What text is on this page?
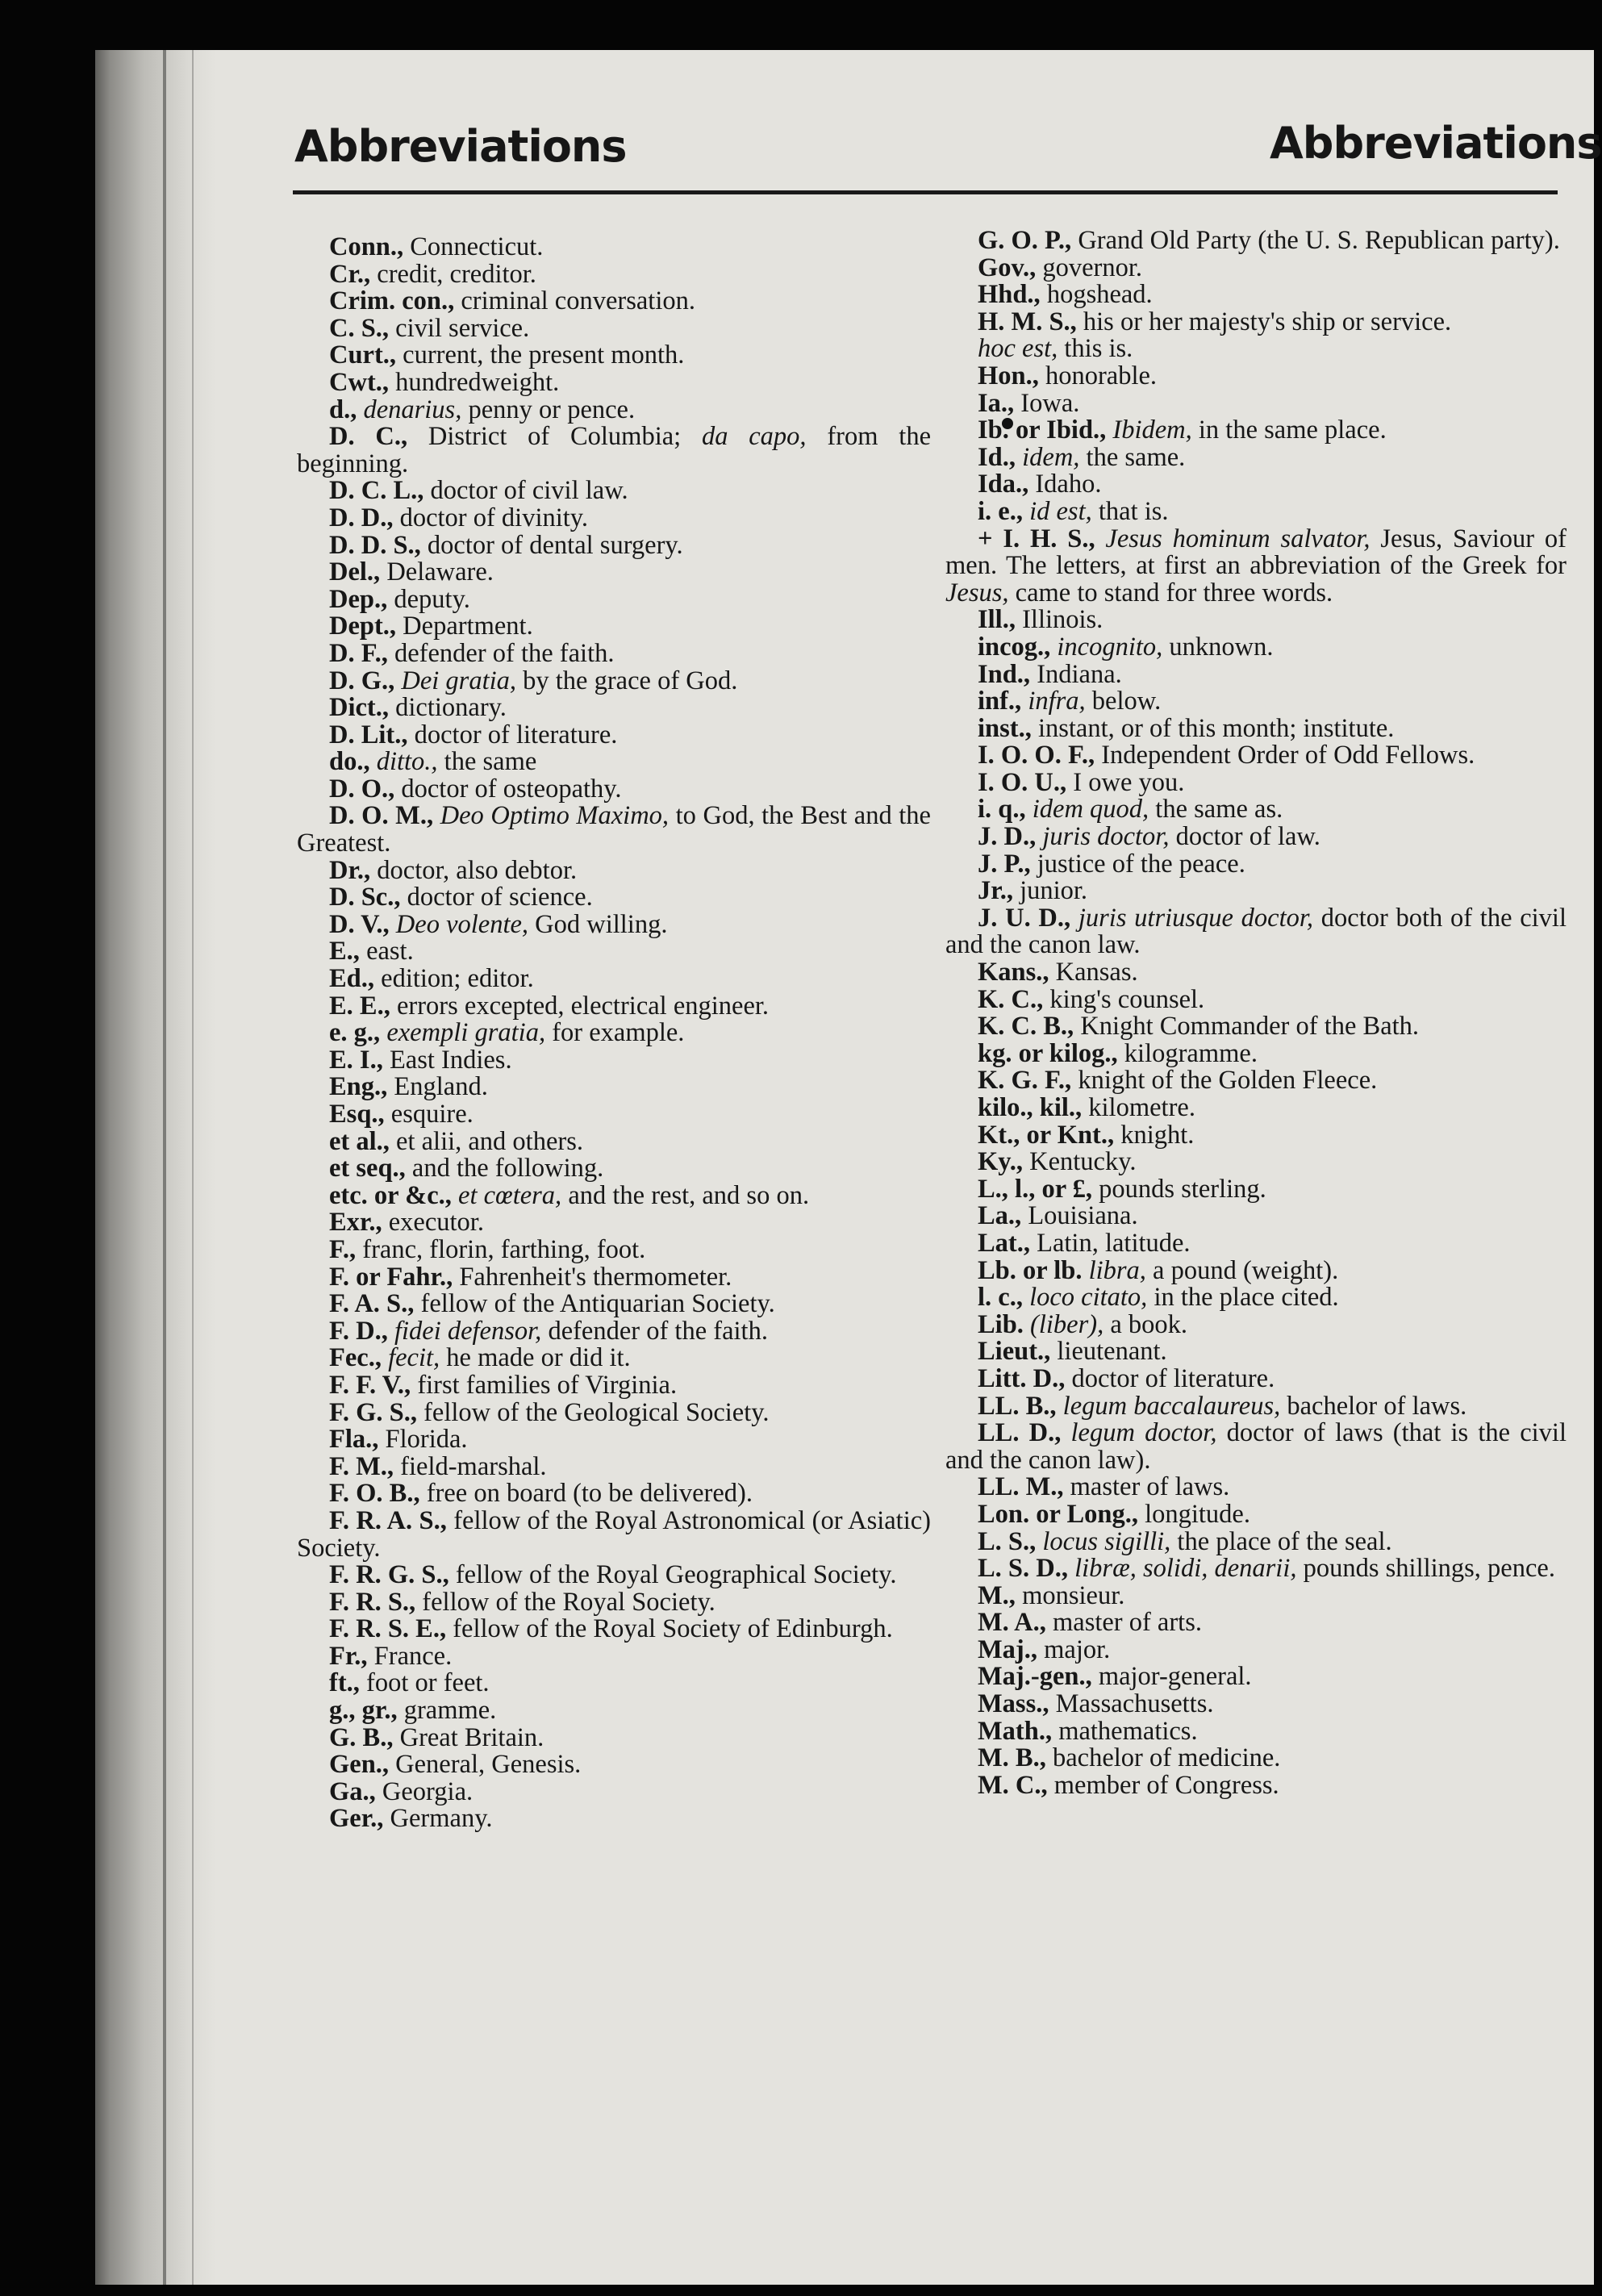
Abbreviations	Abbreviations
Conn., Connecticut.
Cr., credit, creditor.
Crim. con., criminal conversation.
C. S., civil service.
Curt., current, the present month.
Cwt., hundredweight.
d., denarius, penny or pence.
D. C., District of Columbia; da capo, from the beginning.
D. C. L., doctor of civil law.
D. D., doctor of divinity.
D. D. S., doctor of dental surgery.
Del., Delaware.
Dep., deputy.
Dept., Department.
D. F., defender of the faith.
D. G., Dei gratia, by the grace of God.
Dict., dictionary.
D. Lit., doctor of literature.
do., ditto., the same
D. O., doctor of osteopathy.
D. O. M., Deo Optimo Maximo, to God, the Best and the Greatest.
Dr., doctor, also debtor.
D. Sc., doctor of science.
D. V., Deo volente, God willing.
E., east.
Ed., edition; editor.
E. E., errors excepted, electrical engineer.
e. g., exempli gratia, for example.
E. I., East Indies.
Eng., England.
Esq., esquire.
et al., et alii, and others.
et seq., and the following.
etc. or &c., et cœtera, and the rest, and so on.
Exr., executor.
F., franc, florin, farthing, foot.
F. or Fahr., Fahrenheit's thermometer.
F. A. S., fellow of the Antiquarian Society.
F. D., fidei defensor, defender of the faith.
Fec., fecit, he made or did it.
F. F. V., first families of Virginia.
F. G. S., fellow of the Geological Society.
Fla., Florida.
F. M., field-marshal.
F. O. B., free on board (to be delivered).
F. R. A. S., fellow of the Royal Astronomical (or Asiatic) Society.
F. R. G. S., fellow of the Royal Geographical Society.
F. R. S., fellow of the Royal Society.
F. R. S. E., fellow of the Royal Society of Edinburgh.
Fr., France.
ft., foot or feet.
g., gr., gramme.
G. B., Great Britain.
Gen., General, Genesis.
Ga., Georgia.
Ger., Germany.
G. O. P., Grand Old Party (the U. S. Republican party).
Gov., governor.
Hhd., hogshead.
H. M. S., his or her majesty's ship or service.
hoc est, this is.
Hon., honorable.
Ia., Iowa.
Ib. or Ibid., Ibidem, in the same place.
Id., idem, the same.
Ida., Idaho.
i. e., id est, that is.
+ I. H. S., Jesus hominum salvator, Jesus, Saviour of men. The letters, at first an abbreviation of the Greek for Jesus, came to stand for three words.
Ill., Illinois.
incog., incognito, unknown.
Ind., Indiana.
inf., infra, below.
inst., instant, or of this month; institute.
I. O. O. F., Independent Order of Odd Fellows.
I. O. U., I owe you.
i. q., idem quod, the same as.
J. D., juris doctor, doctor of law.
J. P., justice of the peace.
Jr., junior.
J. U. D., juris utriusque doctor, doctor both of the civil and the canon law.
Kans., Kansas.
K. C., king's counsel.
K. C. B., Knight Commander of the Bath.
kg. or kilog., kilogramme.
K. G. F., knight of the Golden Fleece.
kilo., kil., kilometre.
Kt., or Knt., knight.
Ky., Kentucky.
L., l., or £, pounds sterling.
La., Louisiana.
Lat., Latin, latitude.
Lb. or lb. libra, a pound (weight).
l. c., loco citato, in the place cited.
Lib. (liber), a book.
Lieut., lieutenant.
Litt. D., doctor of literature.
LL. B., legum baccalaureus, bachelor of laws.
LL. D., legum doctor, doctor of laws (that is the civil and the canon law).
LL. M., master of laws.
Lon. or Long., longitude.
L. S., locus sigilli, the place of the seal.
L. S. D., libræ, solidi, denarii, pounds shillings, pence.
M., monsieur.
M. A., master of arts.
Maj., major.
Maj.-gen., major-general.
Mass., Massachusetts.
Math., mathematics.
M. B., bachelor of medicine.
M. C., member of Congress.
